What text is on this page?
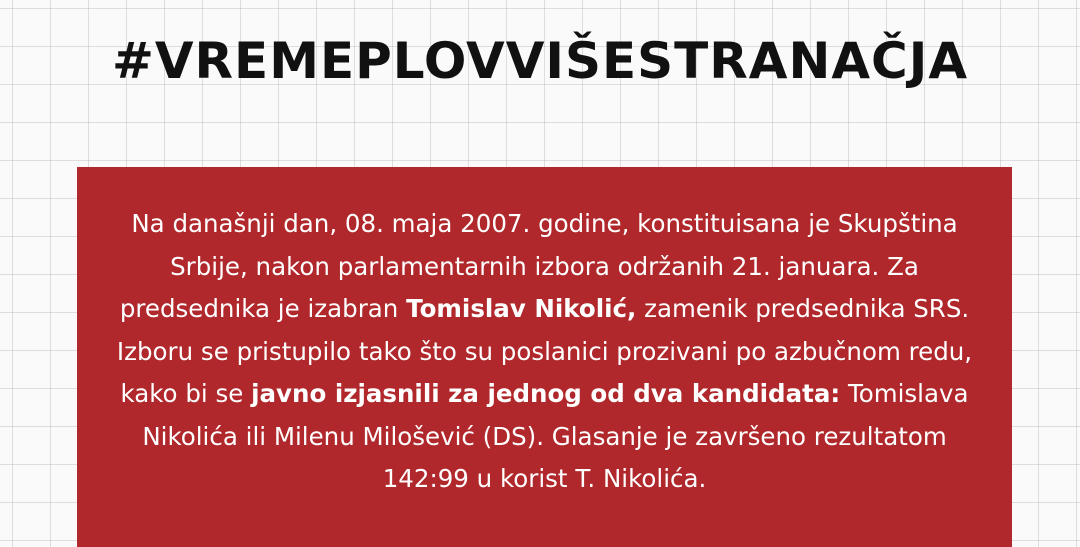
#VREMEPLOVVIŠESTRANAČJA

Na današnji dan, 08. maja 2007. godine, konstituisana je Skupština Srbije, nakon parlamentarnih izbora održanih 21. januara. Za predsednika je izabran Tomislav Nikolić, zamenik predsednika SRS. Izboru se pristupilo tako što su poslanici prozivani po azbučnom redu, kako bi se javno izjasnili za jednog od dva kandidata: Tomislava Nikolića ili Milenu Milošević (DS). Glasanje je završeno rezultatom 142:99 u korist T. Nikolića.
